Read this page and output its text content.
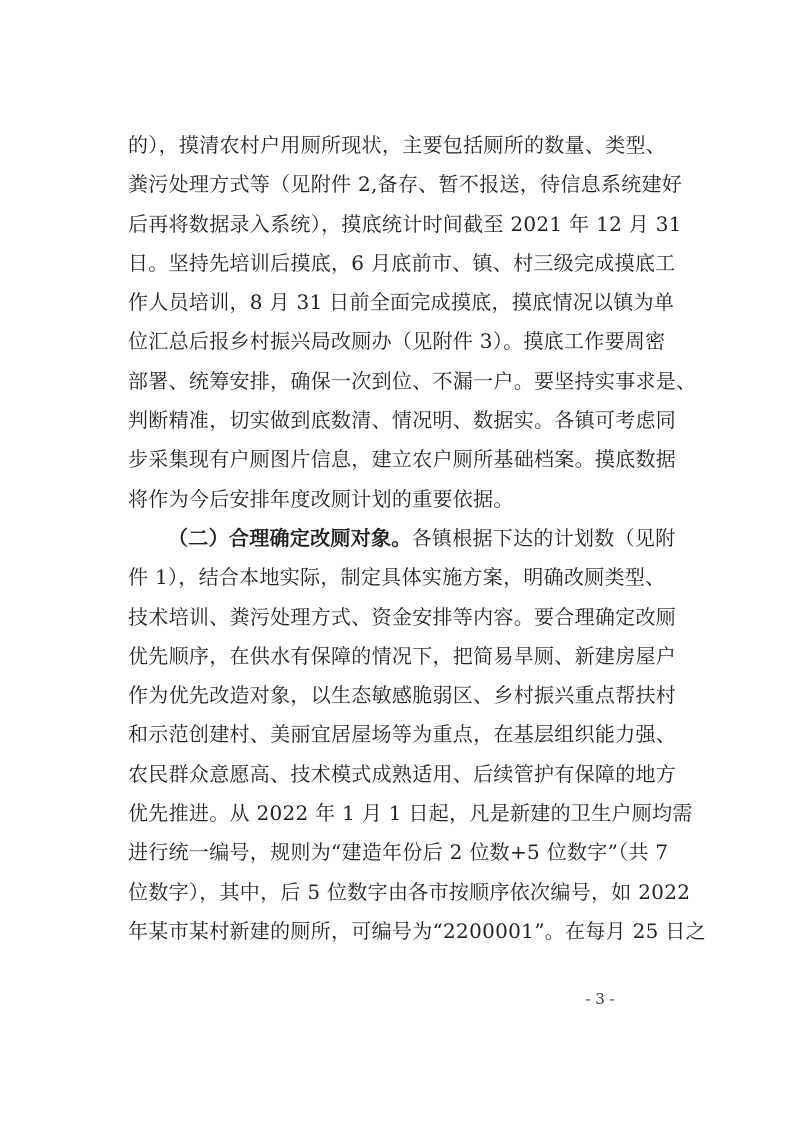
的），摸清农村户用厕所现状，主要包括厕所的数量、类型、
粪污处理方式等（见附件 2,备存、暂不报送，待信息系统建好
后再将数据录入系统），摸底统计时间截至 2021 年 12 月 31
日。坚持先培训后摸底，6 月底前市、镇、村三级完成摸底工
作人员培训，8 月 31 日前全面完成摸底，摸底情况以镇为单
位汇总后报乡村振兴局改厕办（见附件 3）。摸底工作要周密
部署、统筹安排，确保一次到位、不漏一户。要坚持实事求是、
判断精准，切实做到底数清、情况明、数据实。各镇可考虑同
步采集现有户厕图片信息，建立农户厕所基础档案。摸底数据
将作为今后安排年度改厕计划的重要依据。
（二）合理确定改厕对象。各镇根据下达的计划数（见附
件 1），结合本地实际，制定具体实施方案，明确改厕类型、
技术培训、粪污处理方式、资金安排等内容。要合理确定改厕
优先顺序，在供水有保障的情况下，把简易旱厕、新建房屋户
作为优先改造对象，以生态敏感脆弱区、乡村振兴重点帮扶村
和示范创建村、美丽宜居屋场等为重点，在基层组织能力强、
农民群众意愿高、技术模式成熟适用、后续管护有保障的地方
优先推进。从 2022 年 1 月 1 日起，凡是新建的卫生户厕均需
进行统一编号，规则为“建造年份后 2 位数+5 位数字”（共 7
位数字），其中，后 5 位数字由各市按顺序依次编号，如 2022
年某市某村新建的厕所，可编号为“2200001”。在每月 25 日之
- 3 -
